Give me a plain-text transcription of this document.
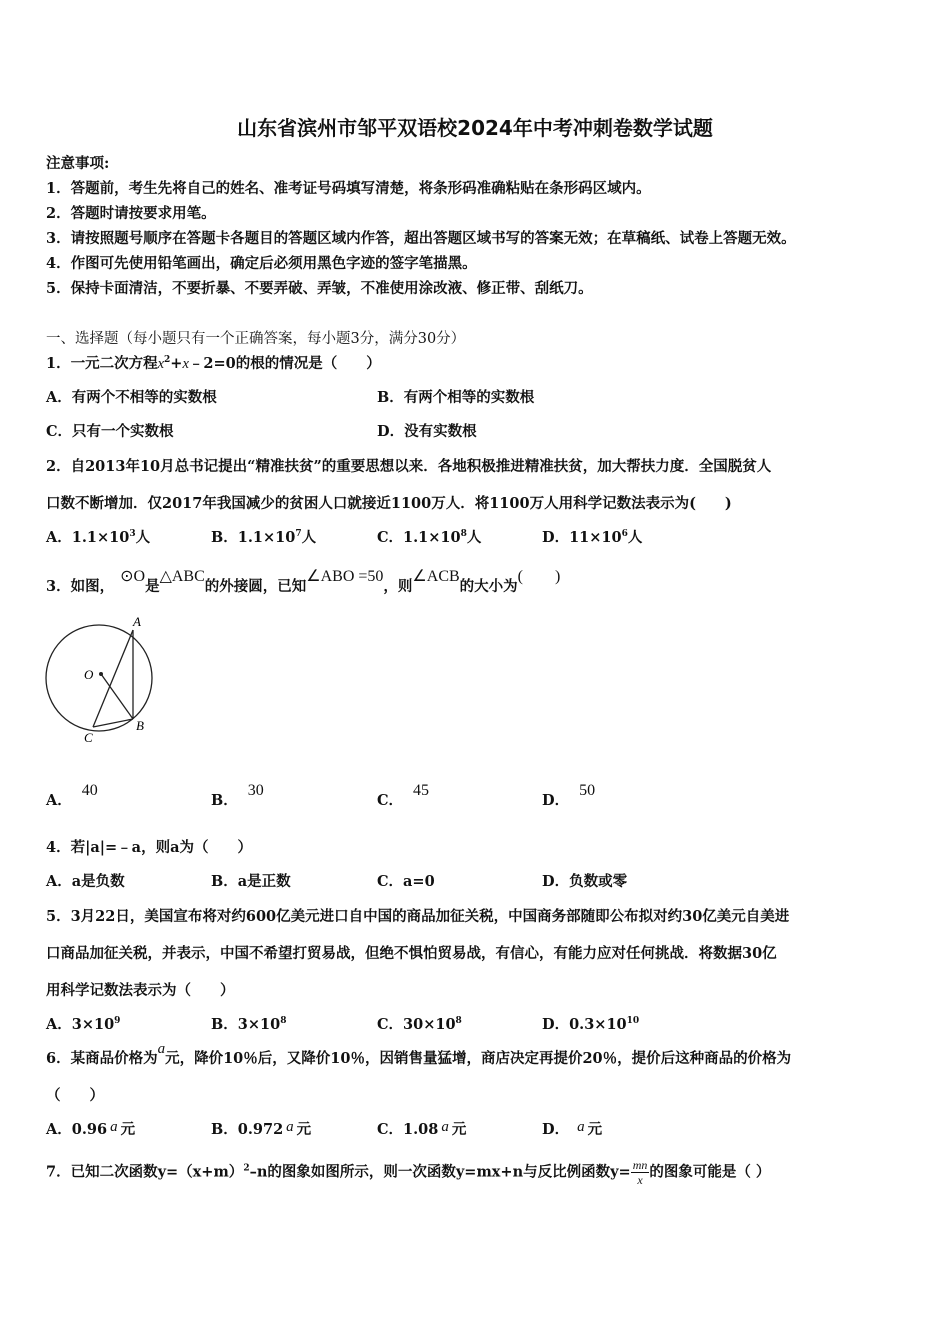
山东省滨州市邹平双语校2024年中考冲刺卷数学试题
注意事项:
1．答题前，考生先将自己的姓名、准考证号码填写清楚，将条形码准确粘贴在条形码区域内。
2．答题时请按要求用笔。
3．请按照题号顺序在答题卡各题目的答题区域内作答，超出答题区域书写的答案无效；在草稿纸、试卷上答题无效。
4．作图可先使用铅笔画出，确定后必须用黑色字迹的签字笔描黑。
5．保持卡面清洁，不要折暴、不要弄破、弄皱，不准使用涂改液、修正带、刮纸刀。
一、选择题（每小题只有一个正确答案，每小题3分，满分30分）
1．一元二次方程$x^2+x﹣2=0$的根的情况是（　　）
A．有两个不相等的实数根	B．有两个相等的实数根
C．只有一个实数根	D．没有实数根
2．自2013年10月总书记提出“精准扶贫”的重要思想以来．各地积极推进精准扶贫，加大帮扶力度．全国脱贫人
口数不断增加．仅2017年我国减少的贫困人口就接近1100万人．将1100万人用科学记数法表示为(　　)
A．$1.1\times 10^3$人	B．$1.1\times 10^7$人	C．$1.1\times 10^8$人	D．$11\times 10^6$人
3．如图，⊙O是△ABC的外接圆，已知∠ABO =50，则∠ACB的大小为(　　)
A
B
C
O
A．40
B．30
C．45
D．50
4．若|a|=﹣a，则a为（　　）
A．a是负数	B．a是正数	C．a=0	D．负数或零
5．3月22日，美国宣布将对约600亿美元进口自中国的商品加征关税，中国商务部随即公布拟对约30亿美元自美进
口商品加征关税，并表示，中国不希望打贸易战，但绝不惧怕贸易战，有信心，有能力应对任何挑战．将数据30亿
用科学记数法表示为（　　）
A．$3\times 10^9$	B．$3\times 10^8$	C．$30\times 10^8$	D．$0.3\times 10^{10}$
6．某商品价格为a元，降价10％后，又降价10％，因销售量猛增，商店决定再提价20％，提价后这种商品的价格为
（　　）
A．0.96 a 元	B．0.972 a 元	C．1.08 a 元	D． a 元
7．已知二次函数$y=(x+m)^2-n$的图象如图所示，则一次函数y=mx+n与反比例函数$y= \frac{mn}{x}$ 的图象可能是（ ）
